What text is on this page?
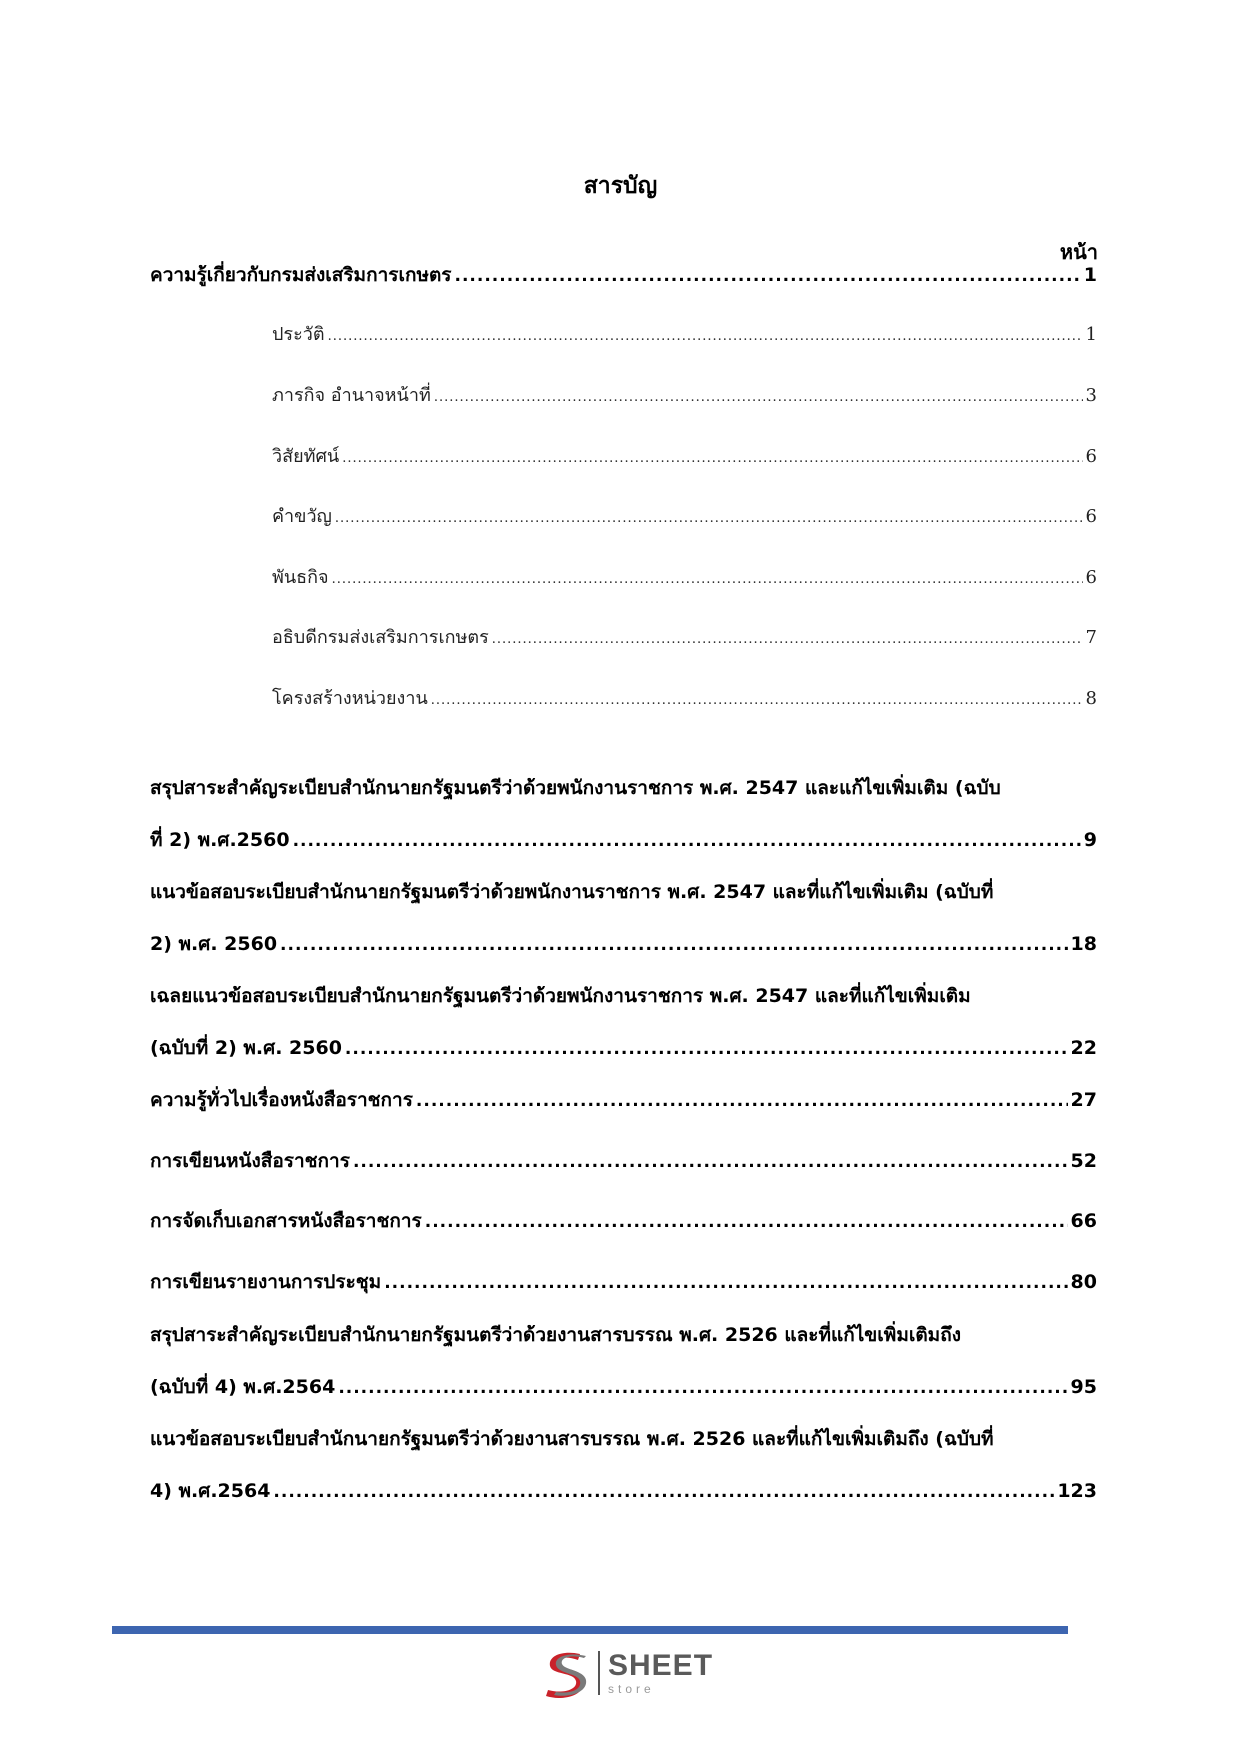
สารบัญ
หน้า
ความรู้เกี่ยวกับกรมส่งเสริมการเกษตร .....	1
ประวัติ .....	1
ภารกิจ อำนาจหน้าที่ .....	3
วิสัยทัศน์ .....	6
คำขวัญ .....	6
พันธกิจ .....	6
อธิบดีกรมส่งเสริมการเกษตร .....	7
โครงสร้างหน่วยงาน .....	8
สรุปสาระสำคัญระเบียบสำนักนายกรัฐมนตรีว่าด้วยพนักงานราชการ พ.ศ. 2547 และแก้ไขเพิ่มเติม (ฉบับ
ที่ 2) พ.ศ.2560 .....	9
แนวข้อสอบระเบียบสำนักนายกรัฐมนตรีว่าด้วยพนักงานราชการ พ.ศ. 2547 และที่แก้ไขเพิ่มเติม (ฉบับที่
2) พ.ศ. 2560 .....	18
เฉลยแนวข้อสอบระเบียบสำนักนายกรัฐมนตรีว่าด้วยพนักงานราชการ พ.ศ. 2547 และที่แก้ไขเพิ่มเติม
(ฉบับที่ 2) พ.ศ. 2560 .....	22
ความรู้ทั่วไปเรื่องหนังสือราชการ .....	27
การเขียนหนังสือราชการ .....	52
การจัดเก็บเอกสารหนังสือราชการ .....	66
การเขียนรายงานการประชุม .....	80
สรุปสาระสำคัญระเบียบสำนักนายกรัฐมนตรีว่าด้วยงานสารบรรณ พ.ศ. 2526 และที่แก้ไขเพิ่มเติมถึง
(ฉบับที่ 4) พ.ศ.2564 .....	95
แนวข้อสอบระเบียบสำนักนายกรัฐมนตรีว่าด้วยงานสารบรรณ พ.ศ. 2526 และที่แก้ไขเพิ่มเติมถึง (ฉบับที่
4) พ.ศ.2564 .....	123
SHEET
store
